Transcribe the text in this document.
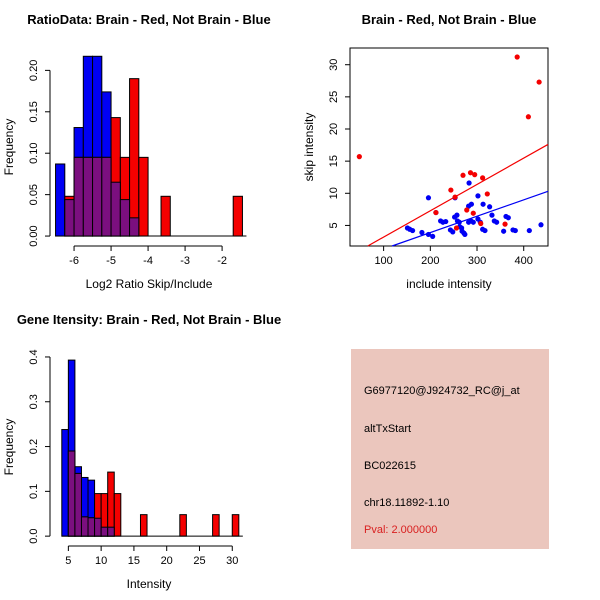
RatioData: Brain - Red, Not Brain - Blue
Log2 Ratio Skip/Include
Frequency
-6 -5 -4 -3 -2
0.00
0.05
0.10
0.15
0.20
Brain - Red, Not Brain - Blue
include intensity
skip intensity
100	200	300	400
5
10
15
20
25
30
Gene Itensity: Brain - Red, Not Brain - Blue
Intensity
Frequency
5 10 15 20 25 30
0.0
0.1
0.2
0.3
0.4
G6977120@J924732_RC@j_at
altTxStart
BC022615
chr18.11892-1.10
Pval: 2.000000
